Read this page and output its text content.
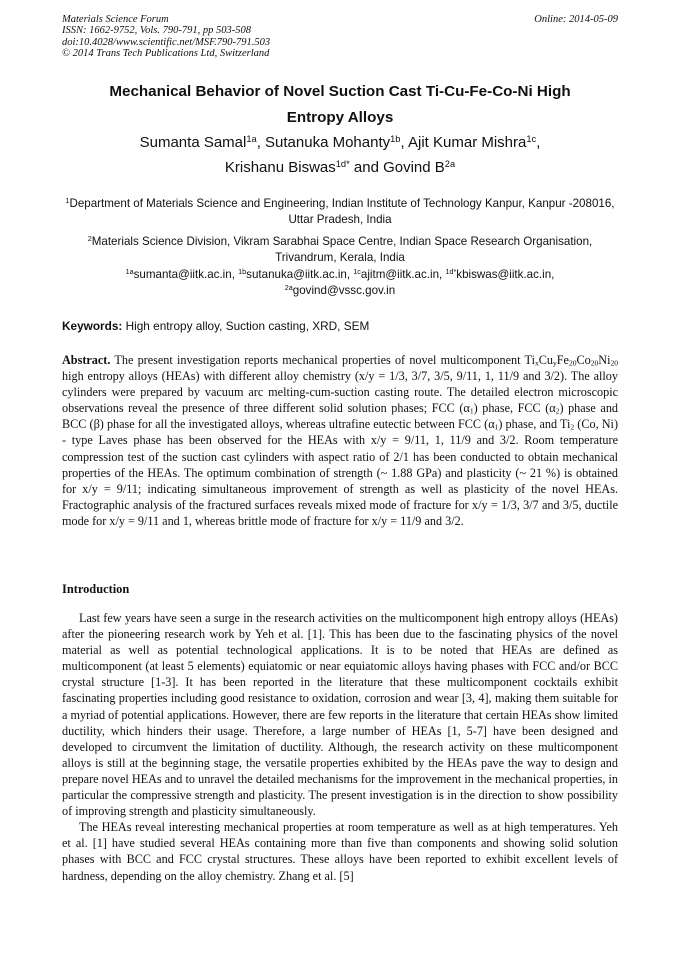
Materials Science Forum
ISSN: 1662-9752, Vols. 790-791, pp 503-508
doi:10.4028/www.scientific.net/MSF.790-791.503
© 2014 Trans Tech Publications Ltd, Switzerland
Online: 2014-05-09
Mechanical Behavior of Novel Suction Cast Ti-Cu-Fe-Co-Ni High
Entropy Alloys
Sumanta Samal$^{1a}$, Sutanuka Mohanty$^{1b}$, Ajit Kumar Mishra$^{1c}$,
Krishanu Biswas$^{1d*}$ and Govind $B^{2a}$
$^1$Department of Materials Science and Engineering, Indian Institute of Technology Kanpur, Kanpur -208016, Uttar Pradesh, India
$^2$Materials Science Division, Vikram Sarabhai Space Centre, Indian Space Research Organisation, Trivandrum, Kerala, India
$^{1a}$sumanta@iitk.ac.in, $^{1b}$sutanuka@iitk.ac.in, $^{1c}$ajitm@iitk.ac.in, $^{1d*}$kbiswas@iitk.ac.in,
$^{2a}$govind@vssc.gov.in
Keywords: High entropy alloy, Suction casting, XRD, SEM
Abstract. The present investigation reports mechanical properties of novel multicomponent $Ti_xCu_yFe_{20}Co_{20}Ni_{20}$ high entropy alloys (HEAs) with different alloy chemistry (x/y = 1/3, 3/7, 3/5, 9/11, 1, 11/9 and 3/2). The alloy cylinders were prepared by vacuum arc melting-cum-suction casting route. The detailed electron microscopic observations reveal the presence of three different solid solution phases; FCC $(\alpha_1)$ phase, FCC $(\alpha_2)$ phase and BCC (β) phase for all the investigated alloys, whereas ultrafine eutectic between FCC $(\alpha_1)$ phase, and $Ti_2$ (Co, Ni) - type Laves phase has been observed for the HEAs with x/y = 9/11, 1, 11/9 and 3/2. Room temperature compression test of the suction cast cylinders with aspect ratio of 2/1 has been conducted to obtain mechanical properties of the HEAs. The optimum combination of strength (~ 1.88 GPa) and plasticity (~ 21 %) is obtained for x/y = 9/11; indicating simultaneous improvement of strength as well as plasticity of the novel HEAs. Fractographic analysis of the fractured surfaces reveals mixed mode of fracture for x/y = 1/3, 3/7 and 3/5, ductile mode for x/y = 9/11 and 1, whereas brittle mode of fracture for x/y = 11/9 and 3/2.
Introduction

Last few years have seen a surge in the research activities on the multicomponent high entropy alloys (HEAs) after the pioneering research work by Yeh et al. [1]. This has been due to the fascinating physics of the novel material as well as potential technological applications. It is to be noted that HEAs are defined as multicomponent (at least 5 elements) equiatomic or near equiatomic alloys having phases with FCC and/or BCC crystal structure [1-3]. It has been reported in the literature that these multicomponent cocktails exhibit fascinating properties including good resistance to oxidation, corrosion and wear [3, 4], making them suitable for a myriad of potential applications. However, there are few reports in the literature that certain HEAs show limited ductility, which hinders their usage. Therefore, a large number of HEAs [1, 5-7] have been designed and developed to circumvent the limitation of ductility. Although, the research activity on these multicomponent alloys is still at the beginning stage, the versatile properties exhibited by the HEAs pave the way to design and prepare novel HEAs and to unravel the detailed mechanisms for the improvement in the mechanical properties, in particular the compressive strength and plasticity. The present investigation is in the direction to show possibility of improving strength and plasticity simultaneously.

The HEAs reveal interesting mechanical properties at room temperature as well as at high temperatures. Yeh et al. [1] have studied several HEAs containing more than five than components and showing solid solution phases with BCC and FCC crystal structures. These alloys have been reported to exhibit excellent levels of hardness, depending on the alloy chemistry. Zhang et al. [5]
